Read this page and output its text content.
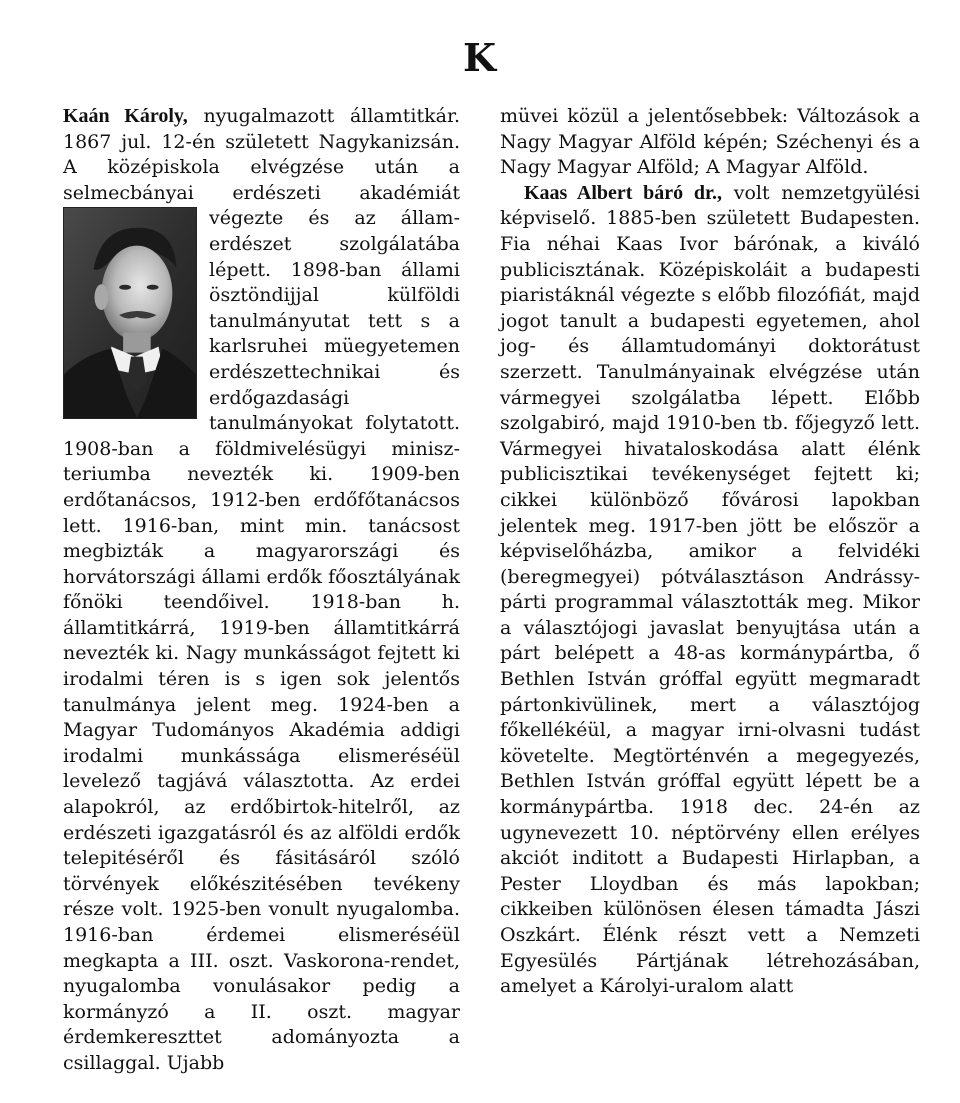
K

Kaán Károly, nyugalmazott államtitkár. 1867 jul. 12-én született Nagykanizsán. A középiskola elvégzése után a selmecbányai erdészeti akadémiát végezte
és az állam-erdészet szolgálatába lépett. 1898-ban állami ösztöndijjal külföldi tanulmányutat tett s a karlsruhei müegyetemen erdészettechnikai és erdőgazdasági tanulmányokat folytatott. 1908-ban a földmivelésügyi minisz-teriumba nevezték ki. 1909-ben erdőtanácsos, 1912-ben erdőfőtanácsos lett. 1916-ban, mint min. tanácsost megbizták a magyarországi és horvátországi állami erdők főosztályának főnöki teendőivel. 1918-ban h. államtitkárrá, 1919-ben államtitkárrá nevezték ki. Nagy munkásságot fejtett ki irodalmi téren is s igen sok jelentős tanulmánya jelent meg. 1924-ben a Magyar Tudományos Akadémia addigi irodalmi munkássága elismeréséül levelező tagjává választotta. Az erdei alapokról, az erdőbirtok-hitelről, az erdészeti igazgatásról és az alföldi erdők telepitéséről és fásitásáról szóló törvények előkészitésében tevékeny része volt. 1925-ben vonult nyugalomba. 1916-ban érdemei elismeréséül megkapta a III. oszt. Vaskorona-rendet, nyugalomba vonulásakor pedig a kormányzó a II. oszt. magyar érdemkereszttet adományozta a csillaggal. Ujabb

müvei közül a jelentősebbek: Változások a Nagy Magyar Alföld képén; Széchenyi és a Nagy Magyar Alföld; A Magyar Alföld.

Kaas Albert báró dr., volt nemzetgyülési képviselő. 1885-ben született Budapesten. Fia néhai Kaas Ivor bárónak, a kiváló publicisztának. Középiskoláit a budapesti piaristáknál végezte s előbb filozófiát, majd jogot tanult a budapesti egyetemen, ahol jog- és államtudományi doktorátust szerzett. Tanulmányainak elvégzése után vármegyei szolgálatba lépett. Előbb szolgabiró, majd 1910-ben tb. főjegyző lett. Vármegyei hivataloskodása alatt élénk publicisztikai tevékenységet fejtett ki; cikkei különböző fővárosi lapokban jelentek meg. 1917-ben jött be először a képviselőházba, amikor a felvidéki (beregmegyei) pótválasztáson Andrássy-párti programmal választották meg. Mikor a választójogi javaslat benyujtása után a párt belépett a 48-as kormánypártba, ő Bethlen István gróffal együtt megmaradt pártonkivülinek, mert a választójog főkellékéül, a magyar irni-olvasni tudást követelte. Megtörténvén a megegyezés, Bethlen István gróffal együtt lépett be a kormánypártba. 1918 dec. 24-én az ugynevezett 10. néptörvény ellen erélyes akciót inditott a Budapesti Hirlapban, a Pester Lloydban és más lapokban; cikkeiben különösen élesen támadta Jászi Oszkárt. Élénk részt vett a Nemzeti Egyesülés Pártjának létrehozásában, amelyet a Károlyi-uralom alatt
